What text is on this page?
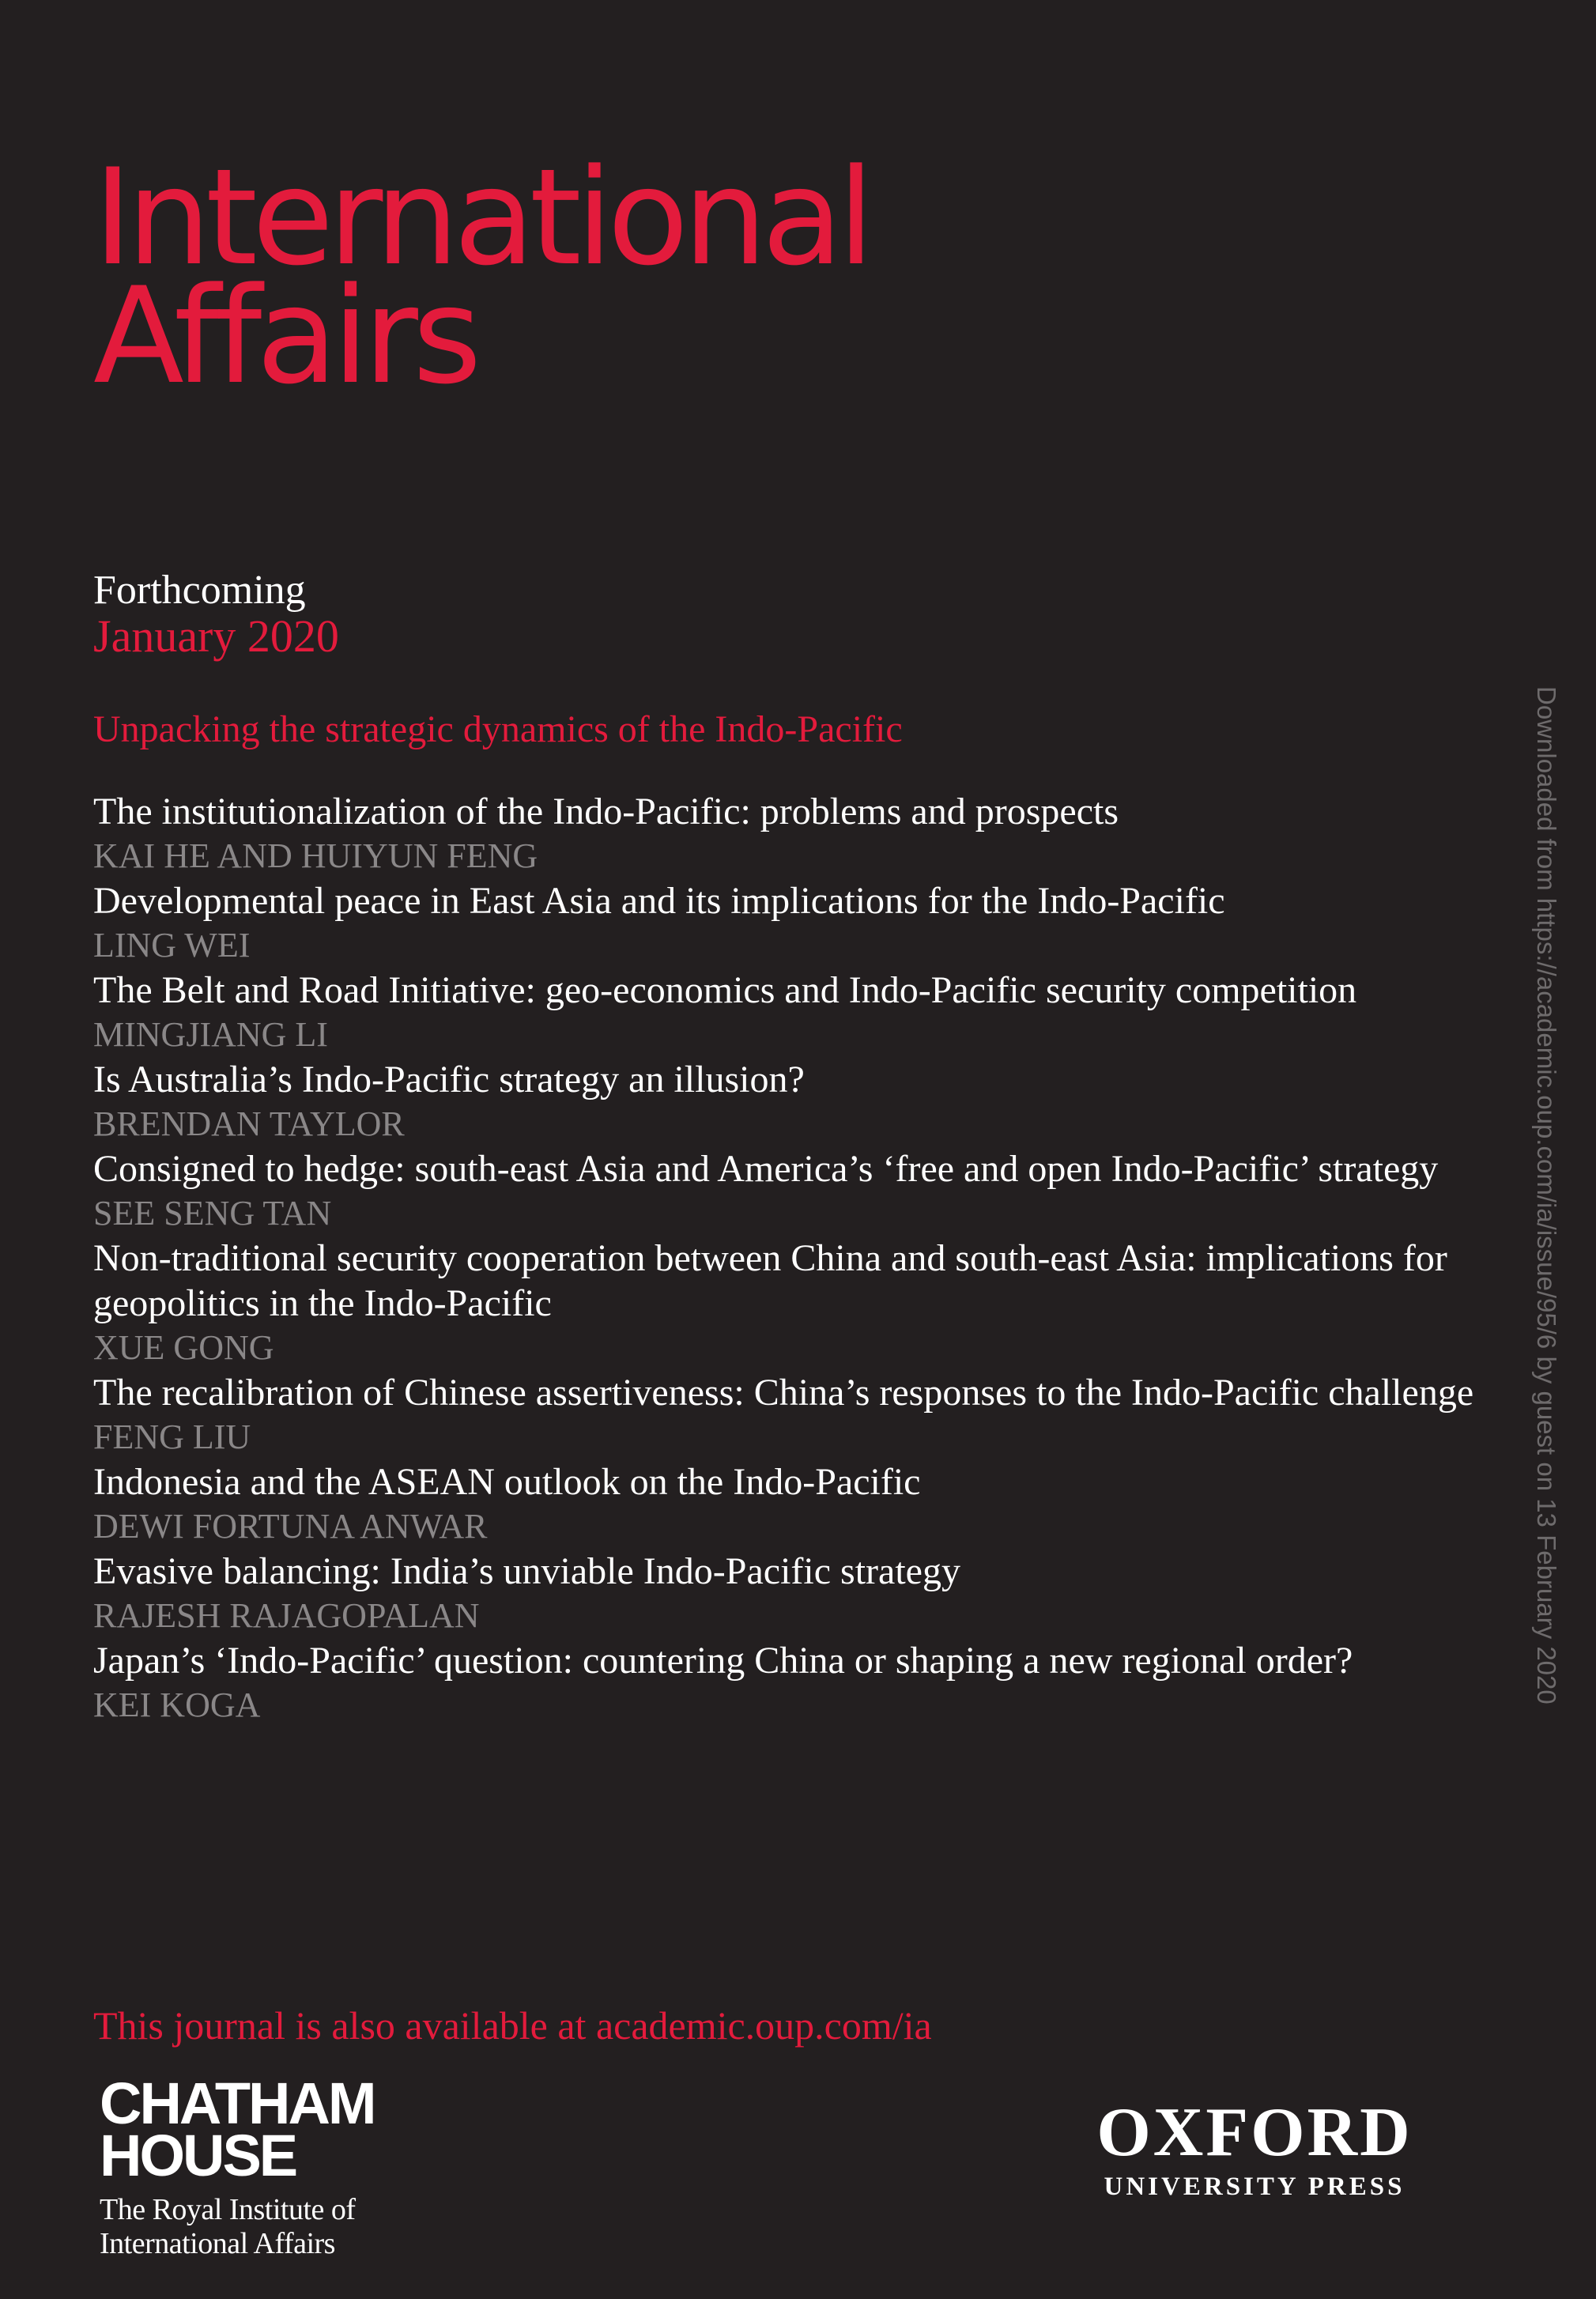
International
Affairs
Forthcoming
January 2020
Unpacking the strategic dynamics of the Indo-Pacific
The institutionalization of the Indo-Pacific: problems and prospects
KAI HE AND HUIYUN FENG
Developmental peace in East Asia and its implications for the Indo-Pacific
LING WEI
The Belt and Road Initiative: geo-economics and Indo-Pacific security competition
MINGJIANG LI
Is Australia’s Indo-Pacific strategy an illusion?
BRENDAN TAYLOR
Consigned to hedge: south-east Asia and America’s ‘free and open Indo-Pacific’ strategy
SEE SENG TAN
Non-traditional security cooperation between China and south-east Asia: implications for geopolitics in the Indo-Pacific
XUE GONG
The recalibration of Chinese assertiveness: China’s responses to the Indo-Pacific challenge
FENG LIU
Indonesia and the ASEAN outlook on the Indo-Pacific
DEWI FORTUNA ANWAR
Evasive balancing: India’s unviable Indo-Pacific strategy
RAJESH RAJAGOPALAN
Japan’s ‘Indo-Pacific’ question: countering China or shaping a new regional order?
KEI KOGA
This journal is also available at academic.oup.com/ia
CHATHAM
HOUSE
The Royal Institute of
International Affairs
OXFORD
UNIVERSITY PRESS
Downloaded from https://academic.oup.com/ia/issue/95/6 by guest on 13 February 2020
